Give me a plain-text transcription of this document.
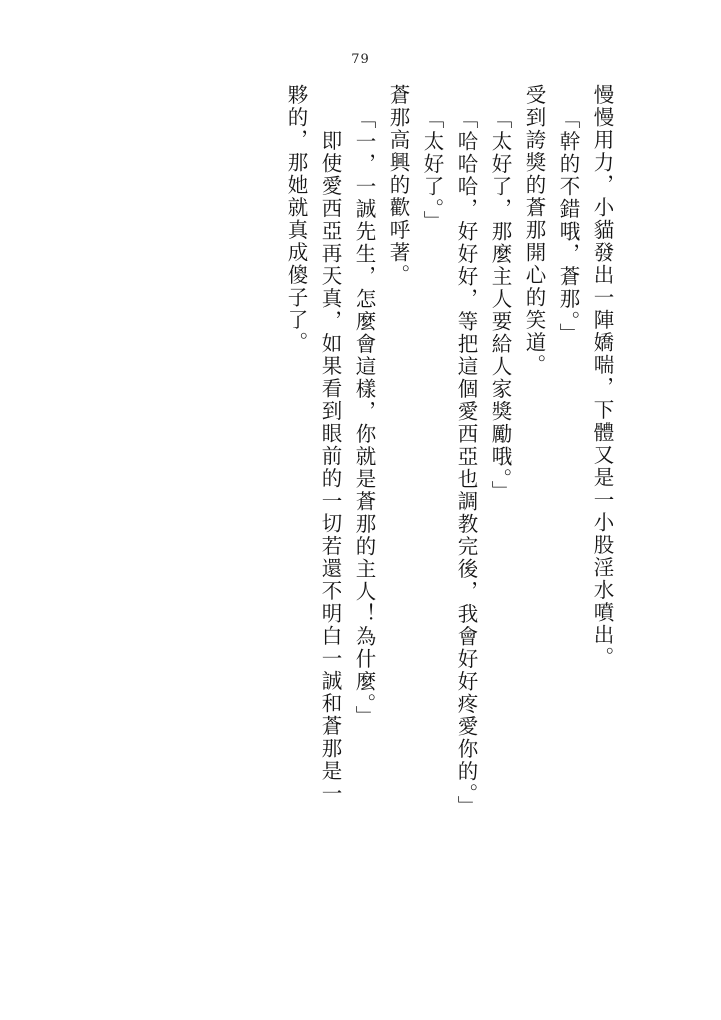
79
慢慢用力，小貓發出一陣嬌喘，下體又是一小股淫水噴出。
「幹的不錯哦，蒼那。」
受到誇獎的蒼那開心的笑道。
「太好了，那麼主人要給人家獎勵哦。」
「哈哈哈，好好好，等把這個愛西亞也調教完後，我會好好疼愛你的。」
「太好了。」
蒼那高興的歡呼著。
「一，一誠先生，怎麼會這樣，你就是蒼那的主人！為什麼。」
即使愛西亞再天真，如果看到眼前的一切若還不明白一誠和蒼那是一
夥的，那她就真成傻子了。
